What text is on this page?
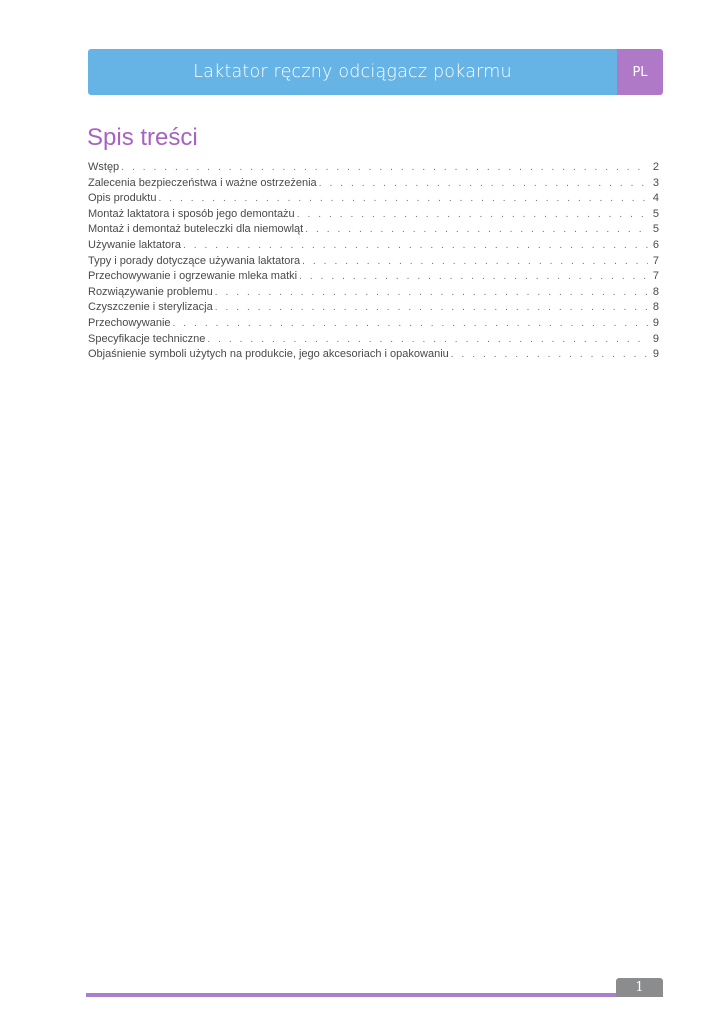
Laktator ręczny odciągacz pokarmu	PL
Spis treści
Wstęp . . .	2
Zalecenia bezpieczeństwa i ważne ostrzeżenia . . .	3
Opis produktu . . .	4
Montaż laktatora i sposób jego demontażu . . .	5
Montaż i demontaż buteleczki dla niemowląt . . .	5
Używanie laktatora . . .	6
Typy i porady dotyczące używania laktatora . . .	7
Przechowywanie i ogrzewanie mleka matki . . .	7
Rozwiązywanie problemu . . .	8
Czyszczenie i sterylizacja . . .	8
Przechowywanie . . .	9
Specyfikacje techniczne . . .	9
Objaśnienie symboli użytych na produkcie, jego akcesoriach i opakowaniu . . .	9
1
